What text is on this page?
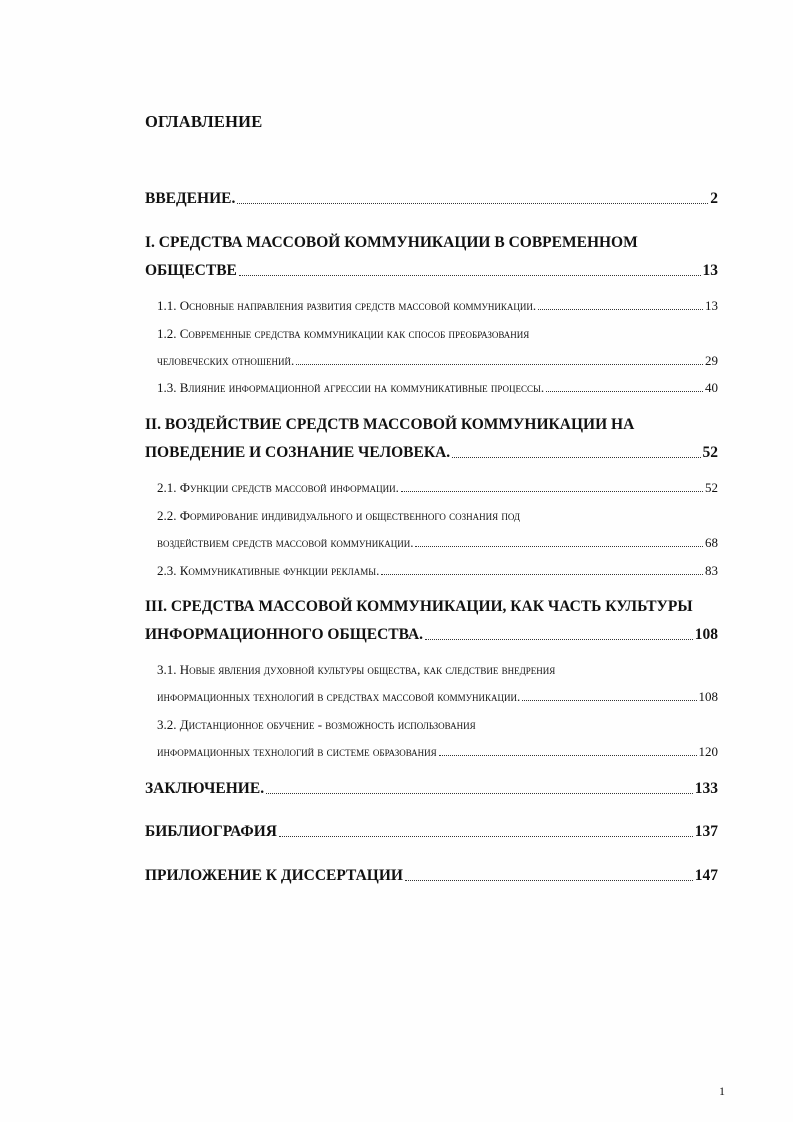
ОГЛАВЛЕНИЕ
ВВЕДЕНИЕ.	2
I. СРЕДСТВА МАССОВОЙ КОММУНИКАЦИИ В СОВРЕМЕННОМ
ОБЩЕСТВЕ	13
1.1. Основные направления развития средств массовой коммуникации.	13
1.2. Современные средства коммуникации как способ преобразования
человеческих отношений.	29
1.3. Влияние информационной агрессии на коммуникативные процессы.	40
II. ВОЗДЕЙСТВИЕ СРЕДСТВ МАССОВОЙ КОММУНИКАЦИИ НА
ПОВЕДЕНИЕ И СОЗНАНИЕ ЧЕЛОВЕКА.	52
2.1. Функции средств массовой информации.	52
2.2. Формирование индивидуального и общественного сознания под
воздействием средств массовой коммуникации.	68
2.3. Коммуникативные функции рекламы.	83
III. СРЕДСТВА МАССОВОЙ КОММУНИКАЦИИ, КАК ЧАСТЬ КУЛЬТУРЫ
ИНФОРМАЦИОННОГО ОБЩЕСТВА.	108
3.1. Новые явления духовной культуры общества, как следствие внедрения
информационных технологий в средствах массовой коммуникации.	108
3.2. Дистанционное обучение - возможность использования
информационных технологий в системе образования	120
ЗАКЛЮЧЕНИЕ.	133
БИБЛИОГРАФИЯ	137
ПРИЛОЖЕНИЕ К ДИССЕРТАЦИИ	147
1
